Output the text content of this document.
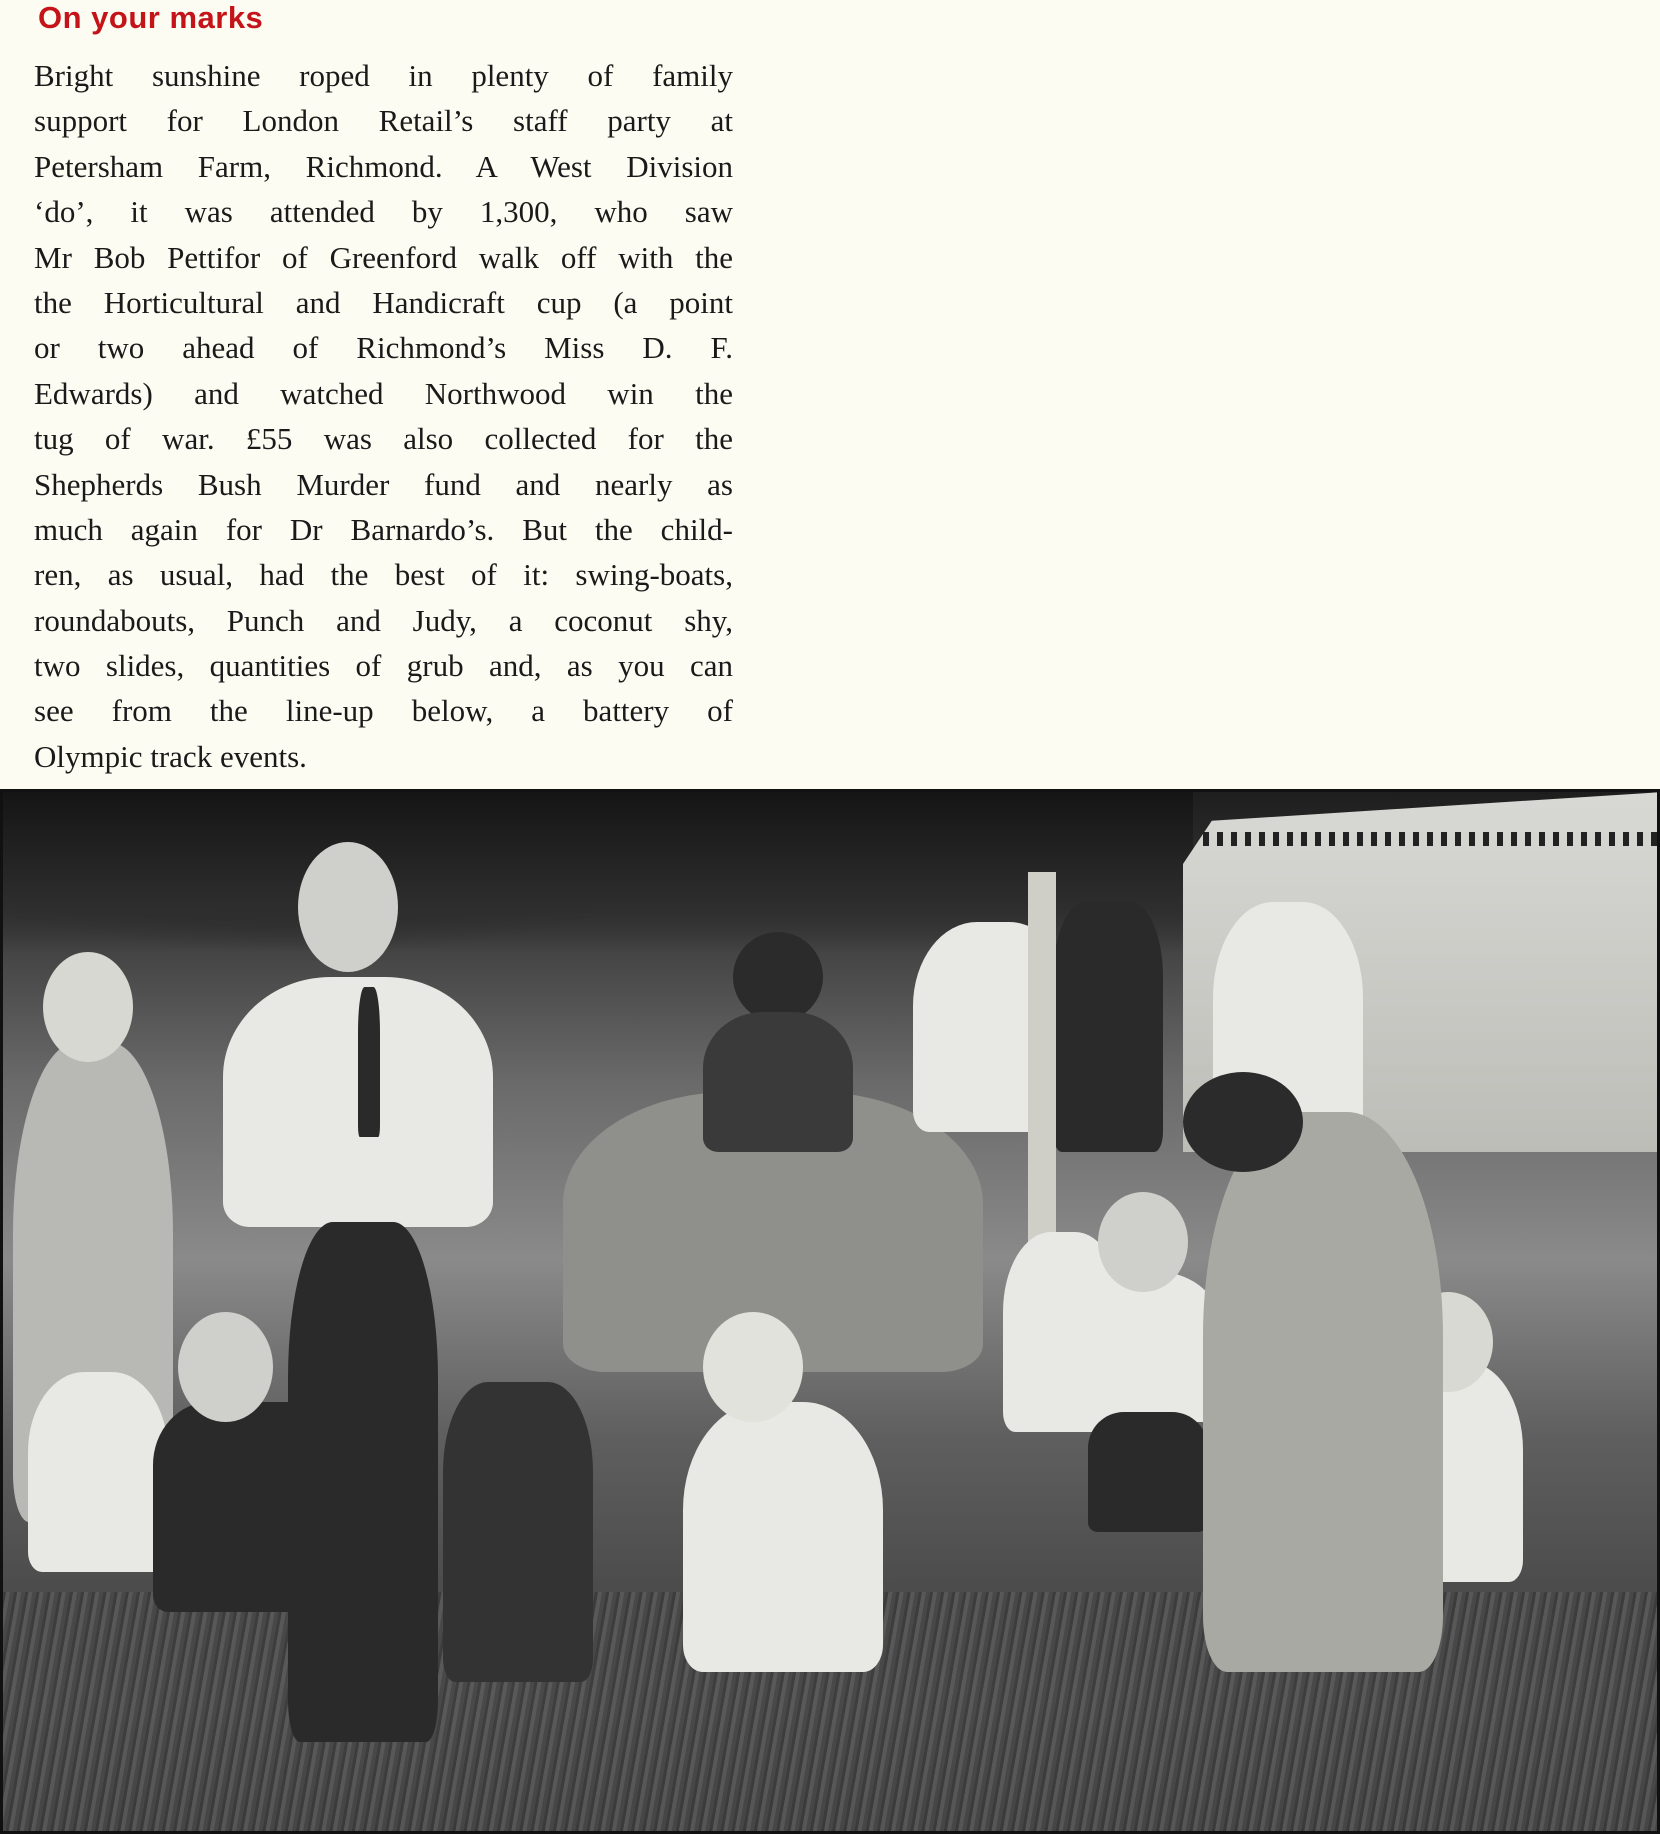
On your marks
Bright sunshine roped in plenty of family
support for London Retail’s staff party at
Petersham Farm, Richmond. A West Division
‘do’, it was attended by 1,300, who saw
Mr Bob Pettifor of Greenford walk off with the
the Horticultural and Handicraft cup (a point
or two ahead of Richmond’s Miss D. F.
Edwards) and watched Northwood win the
tug of war. £55 was also collected for the
Shepherds Bush Murder fund and nearly as
much again for Dr Barnardo’s. But the child-
ren, as usual, had the best of it: swing-boats,
roundabouts, Punch and Judy, a coconut shy,
two slides, quantities of grub and, as you can
see from the line-up below, a battery of
Olympic track events.
